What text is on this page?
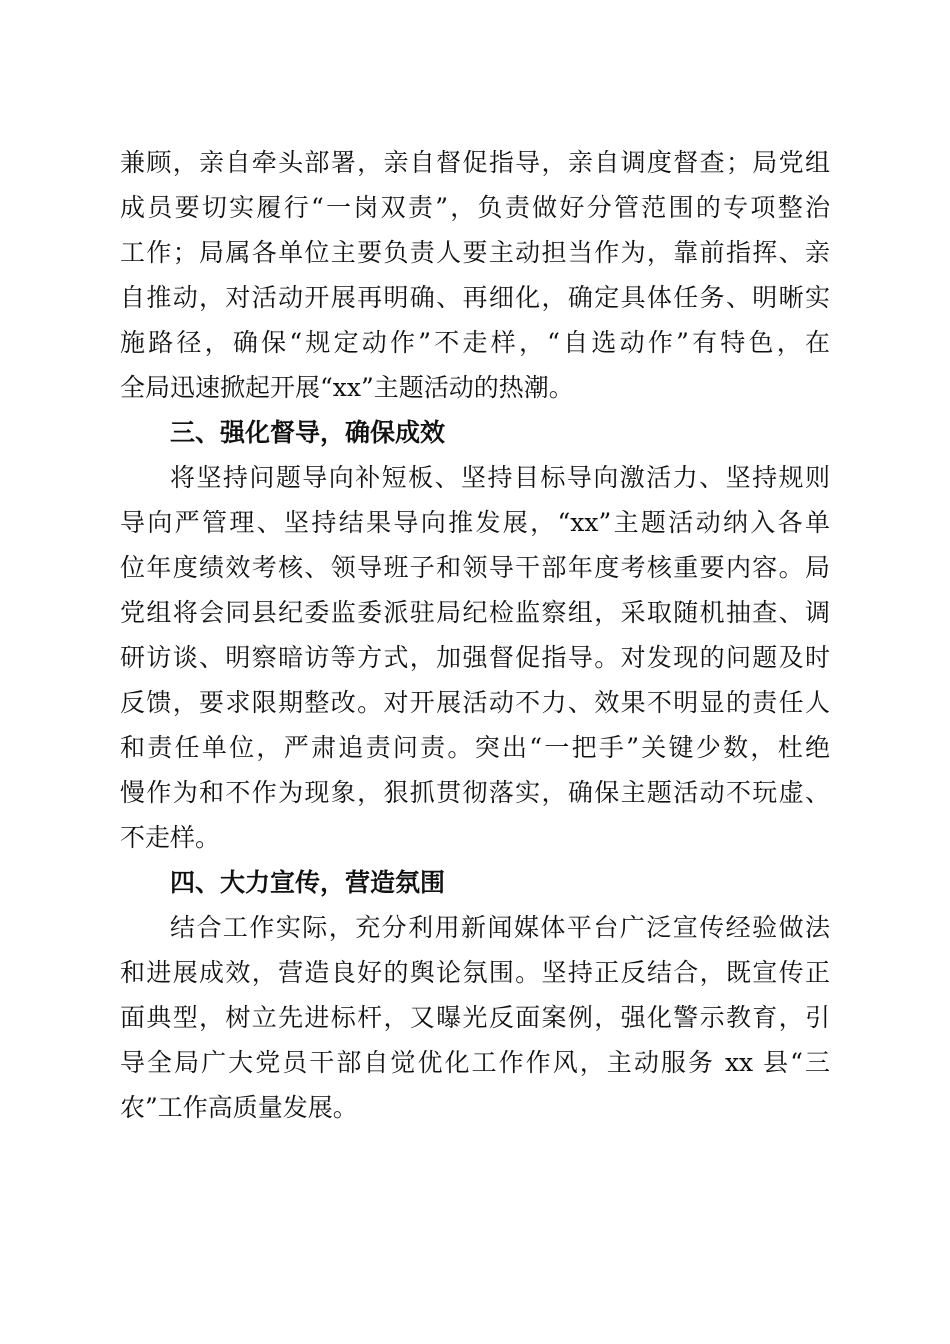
兼顾，亲自牵头部署，亲自督促指导，亲自调度督查；局党组
成员要切实履行“一岗双责”，负责做好分管范围的专项整治
工作；局属各单位主要负责人要主动担当作为，靠前指挥、亲
自推动，对活动开展再明确、再细化，确定具体任务、明晰实
施路径，确保“规定动作”不走样，“自选动作”有特色，在
全局迅速掀起开展“xx”主题活动的热潮。
三、强化督导，确保成效
将坚持问题导向补短板、坚持目标导向激活力、坚持规则
导向严管理、坚持结果导向推发展，“xx”主题活动纳入各单
位年度绩效考核、领导班子和领导干部年度考核重要内容。局
党组将会同县纪委监委派驻局纪检监察组，采取随机抽查、调
研访谈、明察暗访等方式，加强督促指导。对发现的问题及时
反馈，要求限期整改。对开展活动不力、效果不明显的责任人
和责任单位，严肃追责问责。突出“一把手”关键少数，杜绝
慢作为和不作为现象，狠抓贯彻落实，确保主题活动不玩虚、
不走样。
四、大力宣传，营造氛围
结合工作实际，充分利用新闻媒体平台广泛宣传经验做法
和进展成效，营造良好的舆论氛围。坚持正反结合，既宣传正
面典型，树立先进标杆，又曝光反面案例，强化警示教育，引
导全局广大党员干部自觉优化工作作风，主动服务 xx 县“三
农”工作高质量发展。
